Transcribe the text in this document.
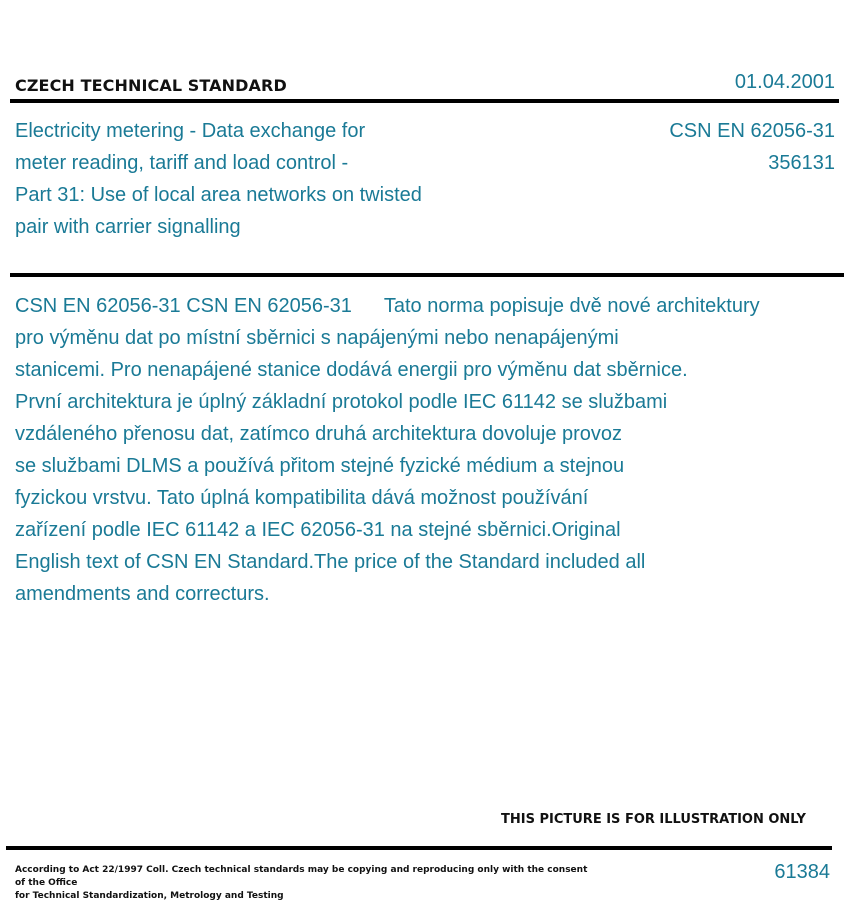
CZECH TECHNICAL STANDARD	01.04.2001
Electricity metering - Data exchange for
meter reading, tariff and load control -
Part 31: Use of local area networks on twisted
pair with carrier signalling
CSN EN 62056-31
356131
CSN EN 62056-31 CSN EN 62056-31 Tato norma popisuje dvě nové architektury
pro výměnu dat po místní sběrnici s napájenými nebo nenapájenými
stanicemi. Pro nenapájené stanice dodává energii pro výměnu dat sběrnice.
První architektura je úplný základní protokol podle IEC 61142 se službami
vzdáleného přenosu dat, zatímco druhá architektura dovoluje provoz
se službami DLMS a používá přitom stejné fyzické médium a stejnou
fyzickou vrstvu. Tato úplná kompatibilita dává možnost používání
zařízení podle IEC 61142 a IEC 62056-31 na stejné sběrnici.Original
English text of CSN EN Standard.The price of the Standard included all
amendments and correcturs.
THIS PICTURE IS FOR ILLUSTRATION ONLY
According to Act 22/1997 Coll. Czech technical standards may be copying and reproducing only with the consent of the Office
for Technical Standardization, Metrology and Testing
61384
